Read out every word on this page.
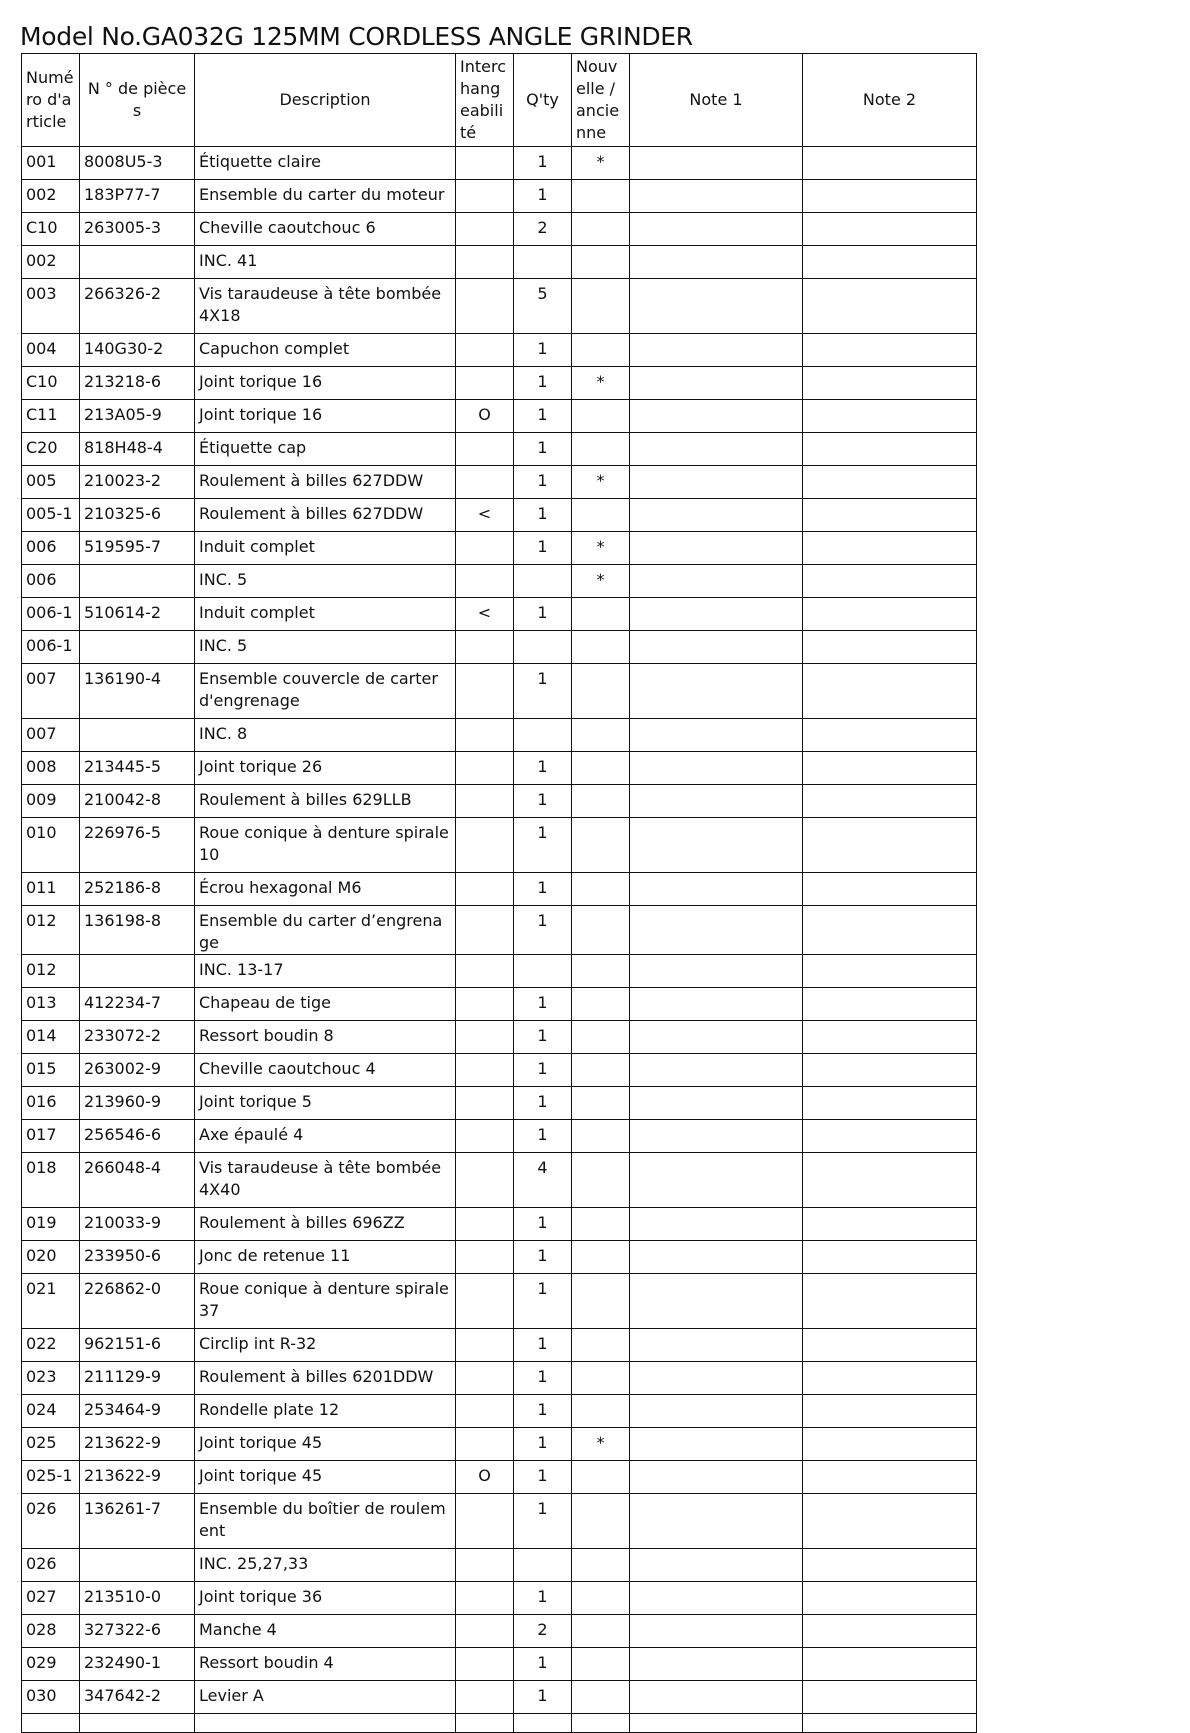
Model No.GA032G 125MM CORDLESS ANGLE GRINDER
Numéro d'article	N ° de pièces	Description	Interchangeabilité	Q'ty	Nouvelle / ancienne	Note 1	Note 2
001	8008U5-3	Étiquette claire		1	*		
002	183P77-7	Ensemble du carter du moteur		1			
C10	263005-3	Cheville caoutchouc 6		2			
002		INC. 41					
003	266326-2	Vis taraudeuse à tête bombée 4X18		5			
004	140G30-2	Capuchon complet		1			
C10	213218-6	Joint torique 16		1	*		
C11	213A05-9	Joint torique 16	O	1			
C20	818H48-4	Étiquette cap		1			
005	210023-2	Roulement à billes 627DDW		1	*		
005-1	210325-6	Roulement à billes 627DDW	<	1			
006	519595-7	Induit complet		1	*		
006		INC. 5			*		
006-1	510614-2	Induit complet	<	1			
006-1		INC. 5					
007	136190-4	Ensemble couvercle de carter d'engrenage		1			
007		INC. 8					
008	213445-5	Joint torique 26		1			
009	210042-8	Roulement à billes 629LLB		1			
010	226976-5	Roue conique à denture spirale 10		1			
011	252186-8	Écrou hexagonal M6		1			
012	136198-8	Ensemble du carter d’engrenage		1			
012		INC. 13-17					
013	412234-7	Chapeau de tige		1			
014	233072-2	Ressort boudin 8		1			
015	263002-9	Cheville caoutchouc 4		1			
016	213960-9	Joint torique 5		1			
017	256546-6	Axe épaulé 4		1			
018	266048-4	Vis taraudeuse à tête bombée 4X40		4			
019	210033-9	Roulement à billes 696ZZ		1			
020	233950-6	Jonc de retenue 11		1			
021	226862-0	Roue conique à denture spirale 37		1			
022	962151-6	Circlip int R-32		1			
023	211129-9	Roulement à billes 6201DDW		1			
024	253464-9	Rondelle plate 12		1			
025	213622-9	Joint torique 45		1	*		
025-1	213622-9	Joint torique 45	O	1			
026	136261-7	Ensemble du boîtier de roulement		1			
026		INC. 25,27,33					
027	213510-0	Joint torique 36		1			
028	327322-6	Manche 4		2			
029	232490-1	Ressort boudin 4		1			
030	347642-2	Levier A		1			
